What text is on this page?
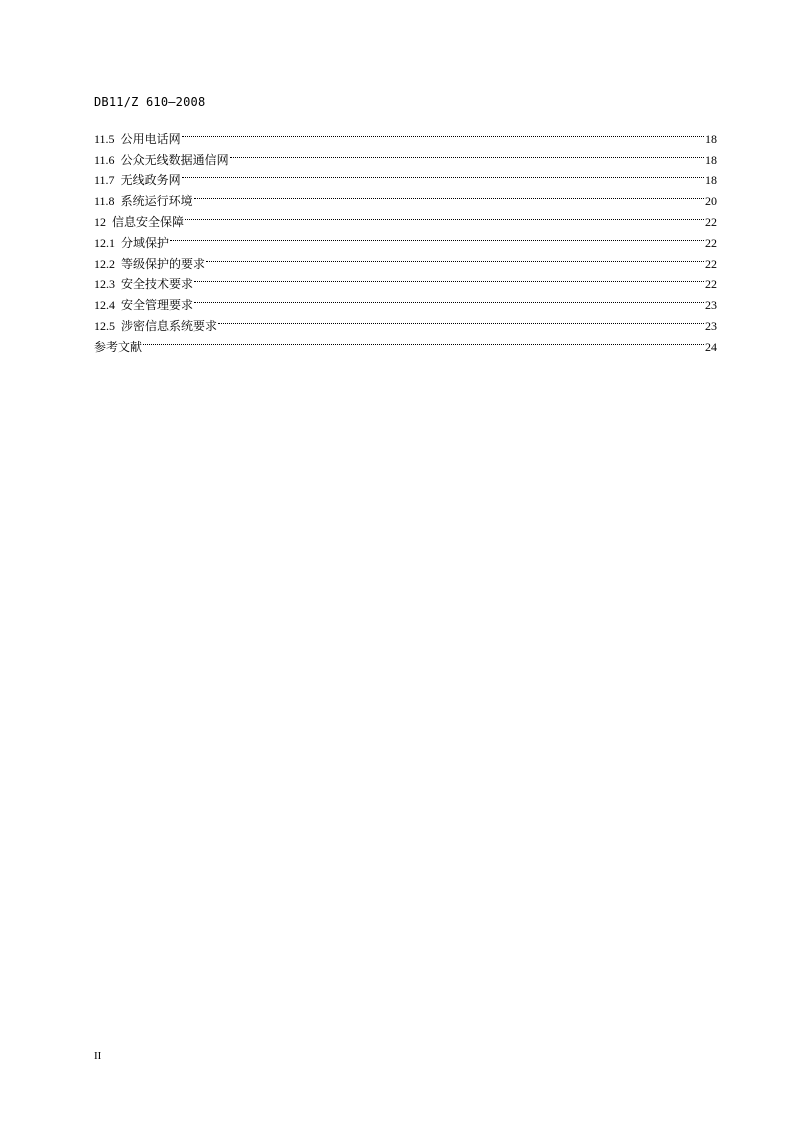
DB11/Z 610—2008
11.5 公用电话网	18
11.6 公众无线数据通信网	18
11.7 无线政务网	18
11.8 系统运行环境	20
12 信息安全保障	22
12.1 分域保护	22
12.2 等级保护的要求	22
12.3 安全技术要求	22
12.4 安全管理要求	23
12.5 涉密信息系统要求	23
参考文献	24
II
